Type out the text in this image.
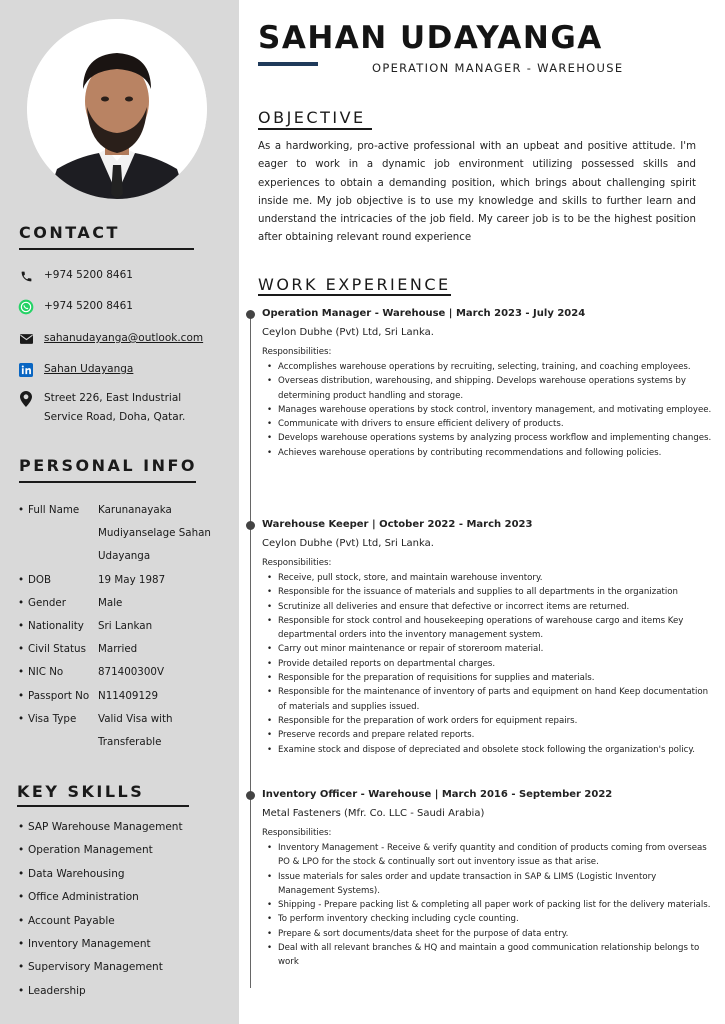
CONTACT
+974 5200 8461
+974 5200 8461
sahanudayanga@outlook.com
Sahan Udayanga
Street 226, East Industrial Service Road, Doha, Qatar.
PERSONAL INFO
• Full Name	Karunanayaka Mudiyanselage Sahan Udayanga
• DOB	19 May 1987
• Gender	Male
• Nationality	Sri Lankan
• Civil Status	Married
• NIC No	871400300V
• Passport No N11409129
• Visa Type	Valid Visa with Transferable
KEY SKILLS
• SAP Warehouse Management
• Operation Management
• Data Warehousing
• Office Administration
• Account Payable
• Inventory Management
• Supervisory Management
• Leadership
SAHAN UDAYANGA
OPERATION MANAGER - WAREHOUSE
OBJECTIVE
As a hardworking, pro-active professional with an upbeat and positive attitude. I'm eager to work in a dynamic job environment utilizing possessed skills and experiences to obtain a demanding position, which brings about challenging spirit inside me. My job objective is to use my knowledge and skills to further learn and understand the intricacies of the job field. My career job is to be the highest position after obtaining relevant round experience
WORK EXPERIENCE
Operation Manager - Warehouse | March 2023 - July 2024
Ceylon Dubhe (Pvt) Ltd, Sri Lanka.
Responsibilities:
• Accomplishes warehouse operations by recruiting, selecting, training, and coaching employees.
• Overseas distribution, warehousing, and shipping. Develops warehouse operations systems by determining product handling and storage.
• Manages warehouse operations by stock control, inventory management, and motivating employee.
• Communicate with drivers to ensure efficient delivery of products.
• Develops warehouse operations systems by analyzing process workflow and implementing changes.
• Achieves warehouse operations by contributing recommendations and following policies.
Warehouse Keeper | October 2022 - March 2023
Ceylon Dubhe (Pvt) Ltd, Sri Lanka.
Responsibilities:
• Receive, pull stock, store, and maintain warehouse inventory.
• Responsible for the issuance of materials and supplies to all departments in the organization
• Scrutinize all deliveries and ensure that defective or incorrect items are returned.
• Responsible for stock control and housekeeping operations of warehouse cargo and items Key departmental orders into the inventory management system.
• Carry out minor maintenance or repair of storeroom material.
• Provide detailed reports on departmental charges.
• Responsible for the preparation of requisitions for supplies and materials.
• Responsible for the maintenance of inventory of parts and equipment on hand Keep documentation of materials and supplies issued.
• Responsible for the preparation of work orders for equipment repairs.
• Preserve records and prepare related reports.
• Examine stock and dispose of depreciated and obsolete stock following the organization's policy.
Inventory Officer - Warehouse | March 2016 - September 2022
Metal Fasteners (Mfr. Co. LLC - Saudi Arabia)
Responsibilities:
• Inventory Management - Receive & verify quantity and condition of products coming from overseas PO & LPO for the stock & continually sort out inventory issue as that arise.
• Issue materials for sales order and update transaction in SAP & LIMS (Logistic Inventory Management Systems).
• Shipping - Prepare packing list & completing all paper work of packing list for the delivery materials.
• To perform inventory checking including cycle counting.
• Prepare & sort documents/data sheet for the purpose of data entry.
• Deal with all relevant branches & HQ and maintain a good communication relationship belongs to work
